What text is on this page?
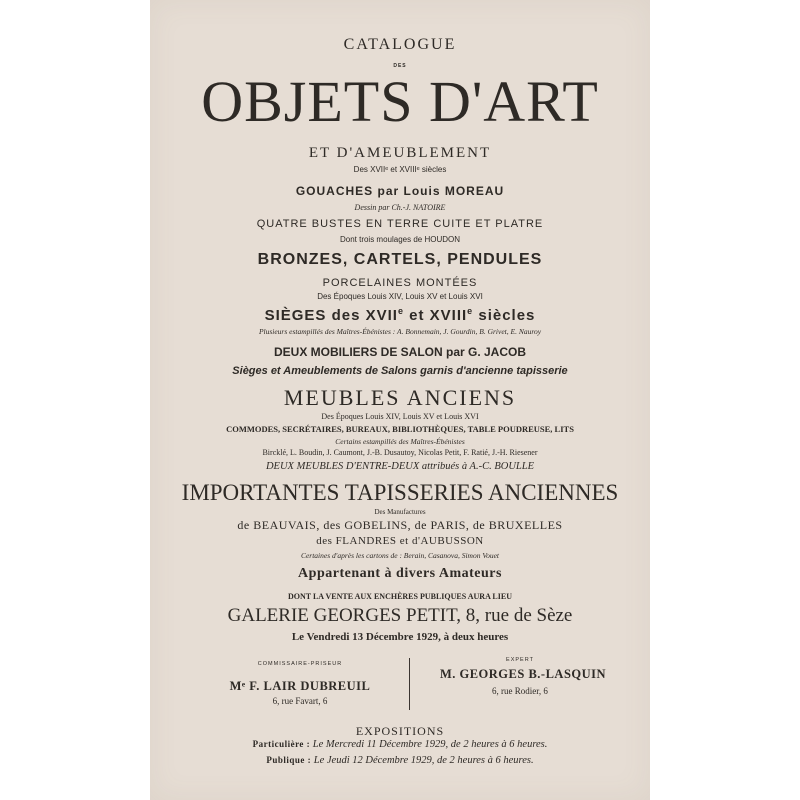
CATALOGUE
DES
OBJETS D'ART
ET D'AMEUBLEMENT
Des XVIIᵉ et XVIIIᵉ siècles
GOUACHES par Louis MOREAU
Dessin par Ch.-J. NATOIRE
QUATRE BUSTES EN TERRE CUITE ET PLATRE
Dont trois moulages de HOUDON
BRONZES, CARTELS, PENDULES
PORCELAINES MONTÉES
Des Époques Louis XIV, Louis XV et Louis XVI
SIÈGES des XVIIe et XVIIIe siècles
Plusieurs estampillés des Maîtres-Ébénistes : A. Bonnemain, J. Gourdin, B. Grivet, E. Nauroy
DEUX MOBILIERS DE SALON par G. JACOB
Sièges et Ameublements de Salons garnis d'ancienne tapisserie
MEUBLES ANCIENS
Des Époques Louis XIV, Louis XV et Louis XVI
COMMODES, SECRÉTAIRES, BUREAUX, BIBLIOTHÈQUES, TABLE POUDREUSE, LITS
Certains estampillés des Maîtres-Ébénistes
Bircklé, L. Boudin, J. Caumont, J.-B. Dusautoy, Nicolas Petit, F. Ratié, J.-H. Riesener
DEUX MEUBLES D'ENTRE-DEUX attribués à A.-C. BOULLE
IMPORTANTES TAPISSERIES ANCIENNES
Des Manufactures
de BEAUVAIS, des GOBELINS, de PARIS, de BRUXELLES
des FLANDRES et d'AUBUSSON
Certaines d'après les cartons de : Berain, Casanova, Simon Vouet
Appartenant à divers Amateurs
DONT LA VENTE AUX ENCHÈRES PUBLIQUES AURA LIEU
GALERIE GEORGES PETIT, 8, rue de Sèze
Le Vendredi 13 Décembre 1929, à deux heures
COMMISSAIRE-PRISEUR
Mᵉ F. LAIR DUBREUIL
6, rue Favart, 6
EXPERT
M. GEORGES B.-LASQUIN
6, rue Rodier, 6
EXPOSITIONS
Particulière : Le Mercredi 11 Décembre 1929, de 2 heures à 6 heures.
Publique : Le Jeudi 12 Décembre 1929, de 2 heures à 6 heures.
